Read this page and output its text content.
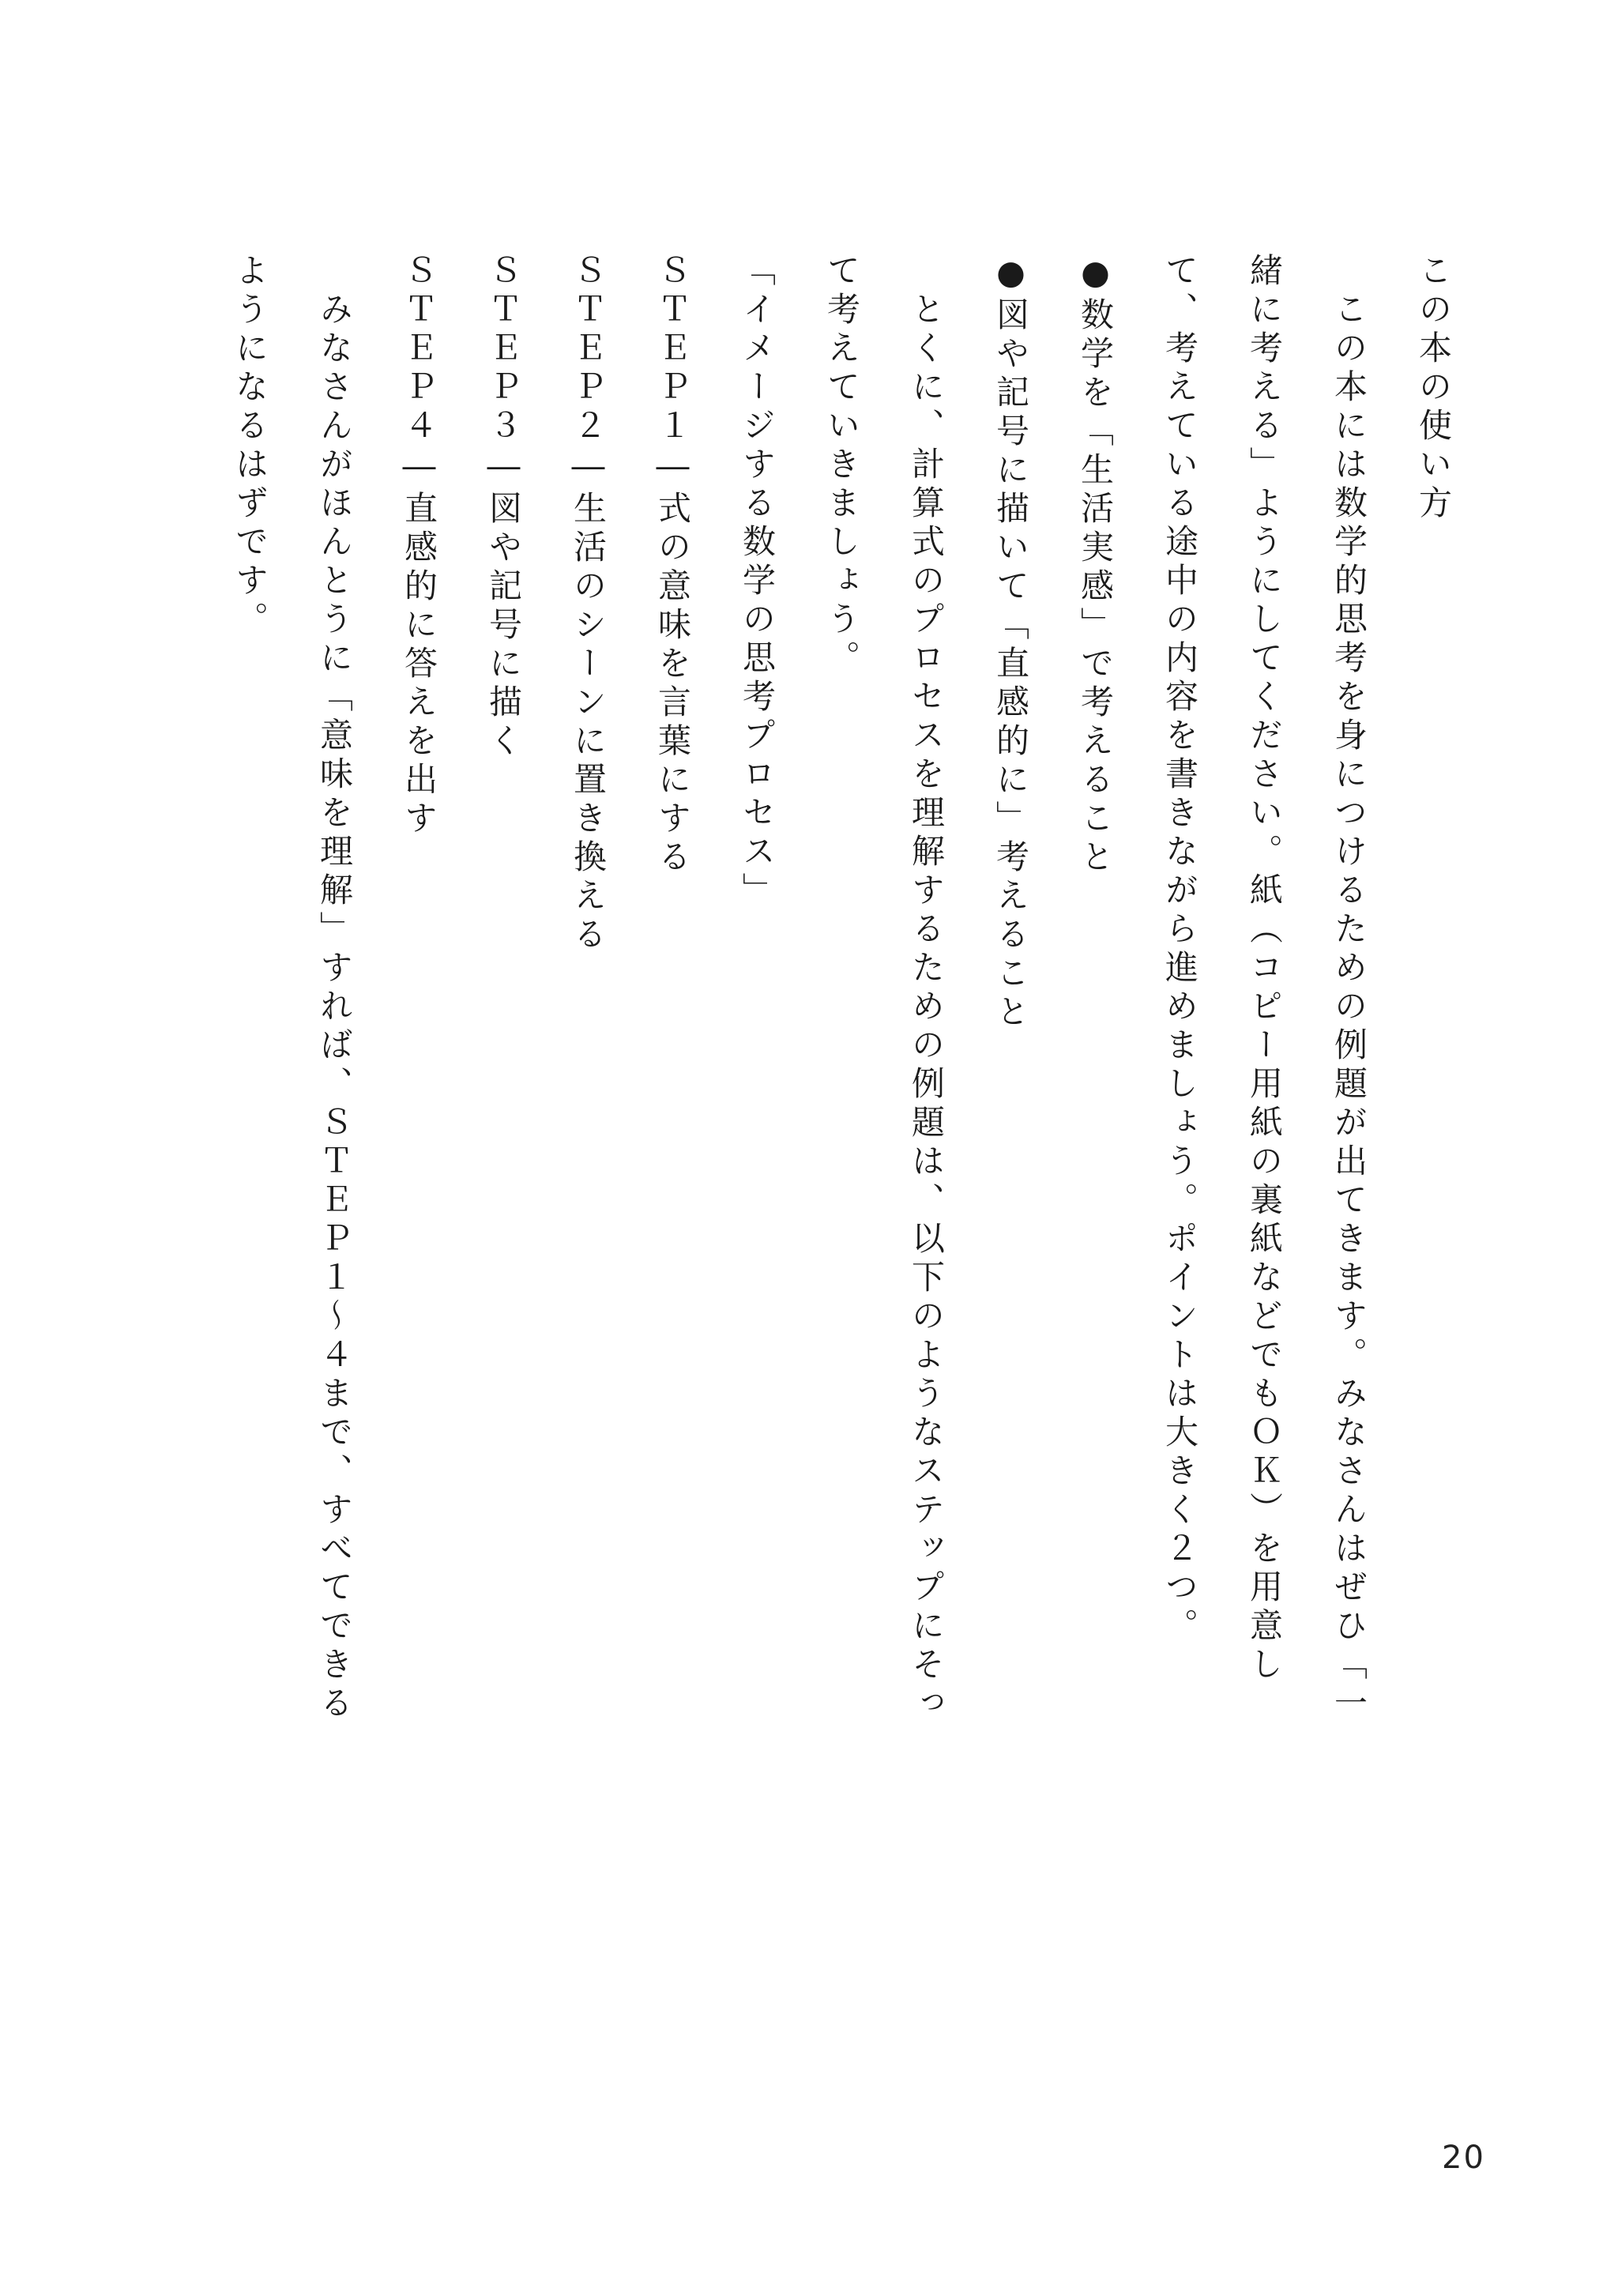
この本の使い方
　この本には数学的思考を身につけるための例題が出てきます。みなさんはぜひ「一
緒に考える」ようにしてください。紙（コピー用紙の裏紙などでもＯＫ）を用意し
て、考えている途中の内容を書きながら進めましょう。ポイントは大きく２つ。
●数学を「生活実感」で考えること
●図や記号に描いて「直感的に」考えること
　とくに、計算式のプロセスを理解するための例題は、以下のようなステップにそっ
て考えていきましょう。
「イメージする数学の思考プロセス」
ＳＴＥＰ１―式の意味を言葉にする
ＳＴＥＰ２―生活のシーンに置き換える
ＳＴＥＰ３―図や記号に描く
ＳＴＥＰ４―直感的に答えを出す
　みなさんがほんとうに「意味を理解」すれば、ＳＴＥＰ１～４まで、すべてできる
ようになるはずです。
20
